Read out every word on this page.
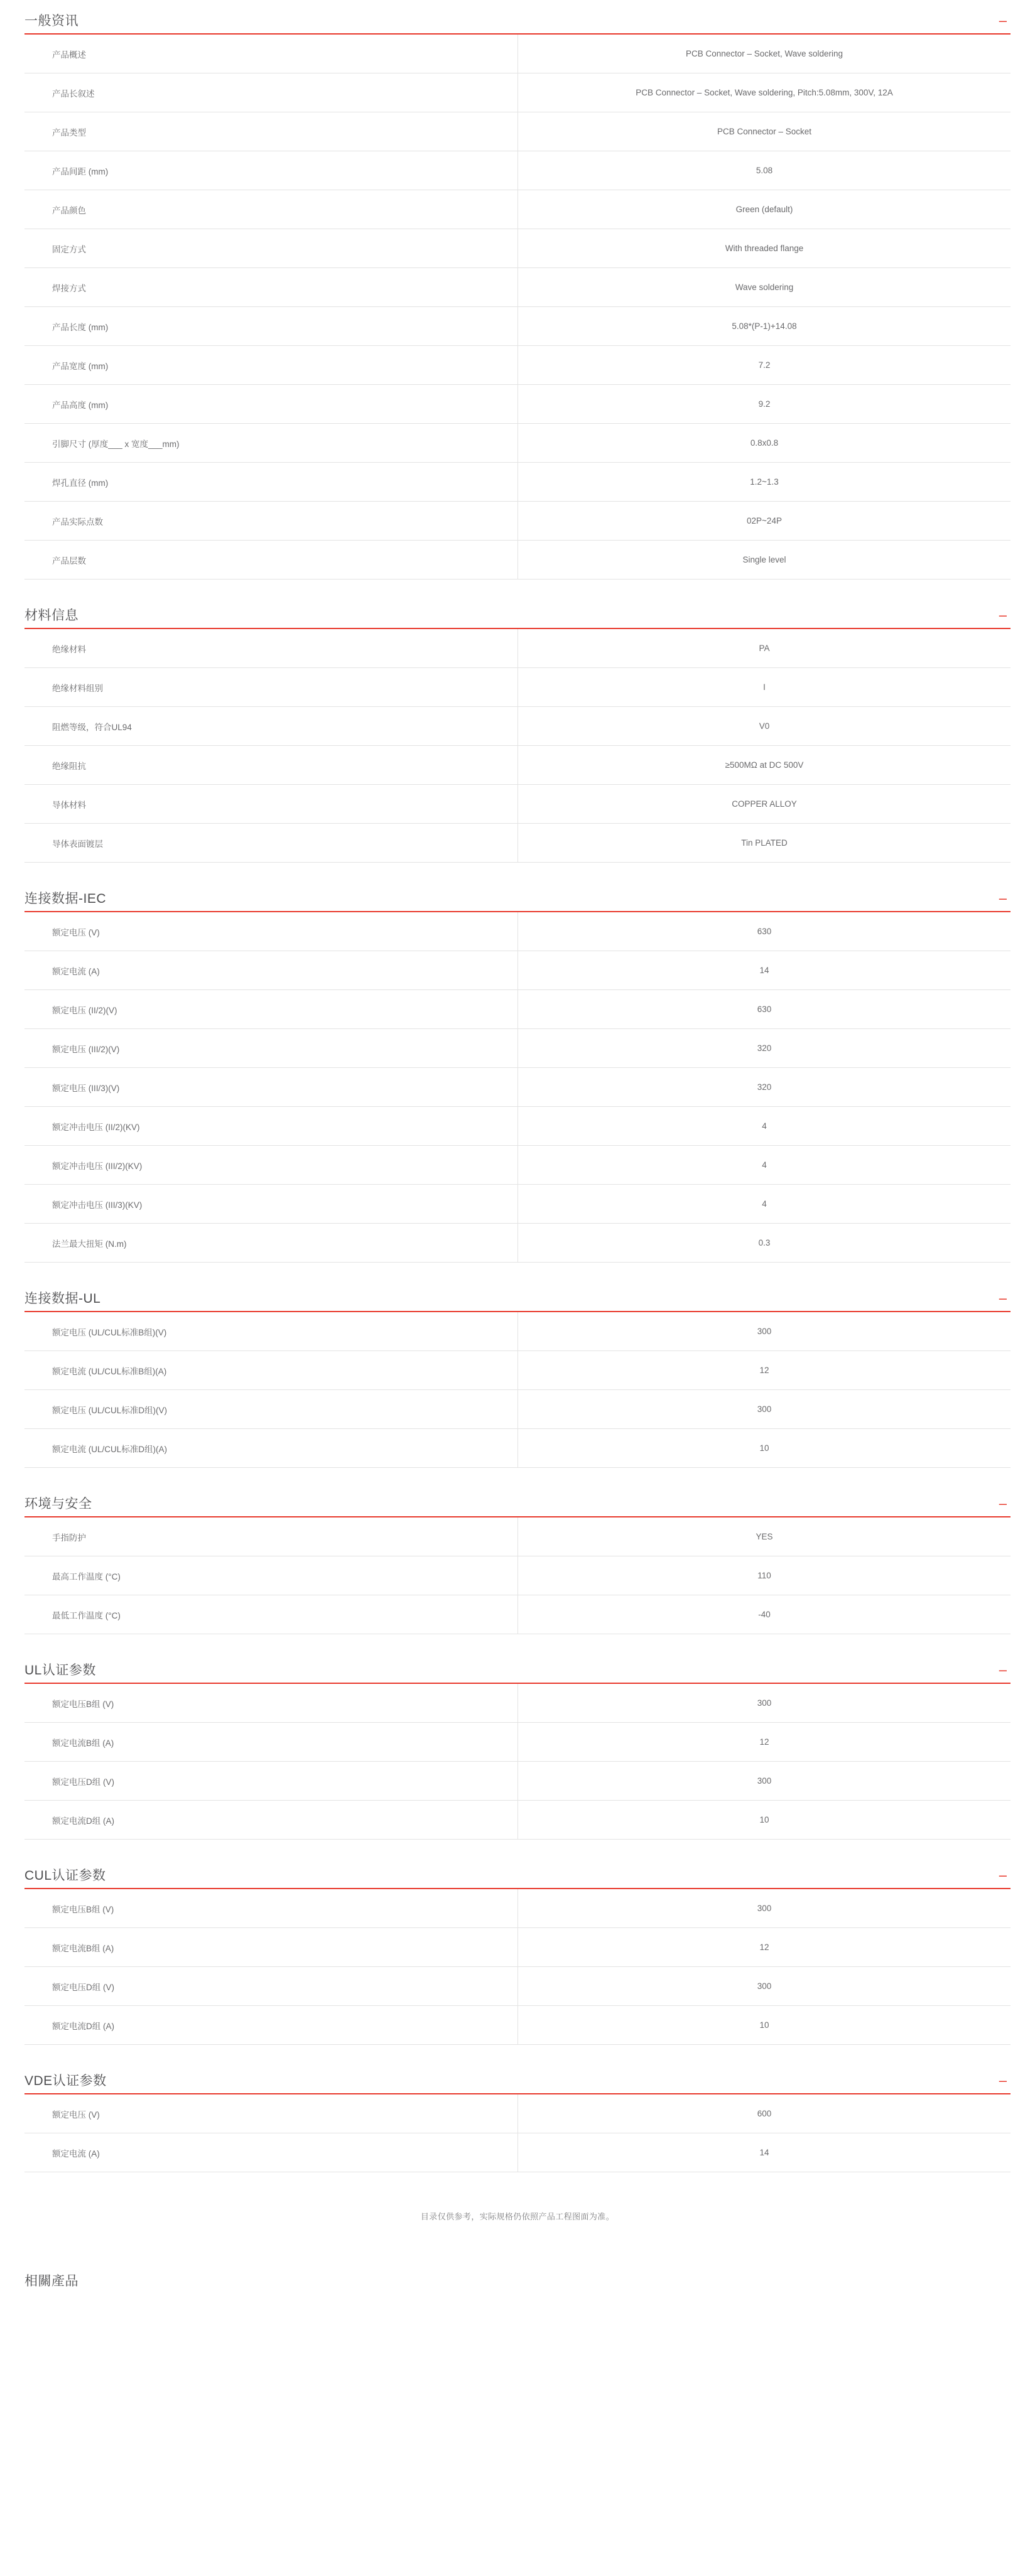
一般资讯	–
产品概述	PCB Connector – Socket, Wave soldering
产品长叙述	PCB Connector – Socket, Wave soldering, Pitch:5.08mm, 300V, 12A
产品类型	PCB Connector – Socket
产品间距 (mm)	5.08
产品颜色	Green (default)
固定方式	With threaded flange
焊接方式	Wave soldering
产品长度 (mm)	5.08*(P-1)+14.08
产品宽度 (mm)	7.2
产品高度 (mm)	9.2
引脚尺寸 (厚度___ x 宽度___mm)	0.8x0.8
焊孔直径 (mm)	1.2~1.3
产品实际点数	02P~24P
产品层数	Single level
材料信息	–
绝缘材料	PA
绝缘材料组别	I
阻燃等级，符合UL94	V0
绝缘阻抗	≥500MΩ at DC 500V
导体材料	COPPER ALLOY
导体表面镀层	Tin PLATED
连接数据-IEC	–
额定电压 (V)	630
额定电流 (A)	14
额定电压 (II/2)(V)	630
额定电压 (III/2)(V)	320
额定电压 (III/3)(V)	320
额定冲击电压 (II/2)(KV)	4
额定冲击电压 (III/2)(KV)	4
额定冲击电压 (III/3)(KV)	4
法兰最大扭矩 (N.m)	0.3
连接数据-UL	–
额定电压 (UL/CUL标准B组)(V)	300
额定电流 (UL/CUL标准B组)(A)	12
额定电压 (UL/CUL标准D组)(V)	300
额定电流 (UL/CUL标准D组)(A)	10
环境与安全	–
手指防护	YES
最高工作温度 (°C)	110
最低工作温度 (°C)	-40
UL认证参数	–
额定电压B组 (V)	300
额定电流B组 (A)	12
额定电压D组 (V)	300
额定电流D组 (A)	10
CUL认证参数	–
额定电压B组 (V)	300
额定电流B组 (A)	12
额定电压D组 (V)	300
额定电流D组 (A)	10
VDE认证参数	–
额定电压 (V)	600
额定电流 (A)	14
目录仅供参考，实际规格仍依照产品工程图面为准。
相關產品
